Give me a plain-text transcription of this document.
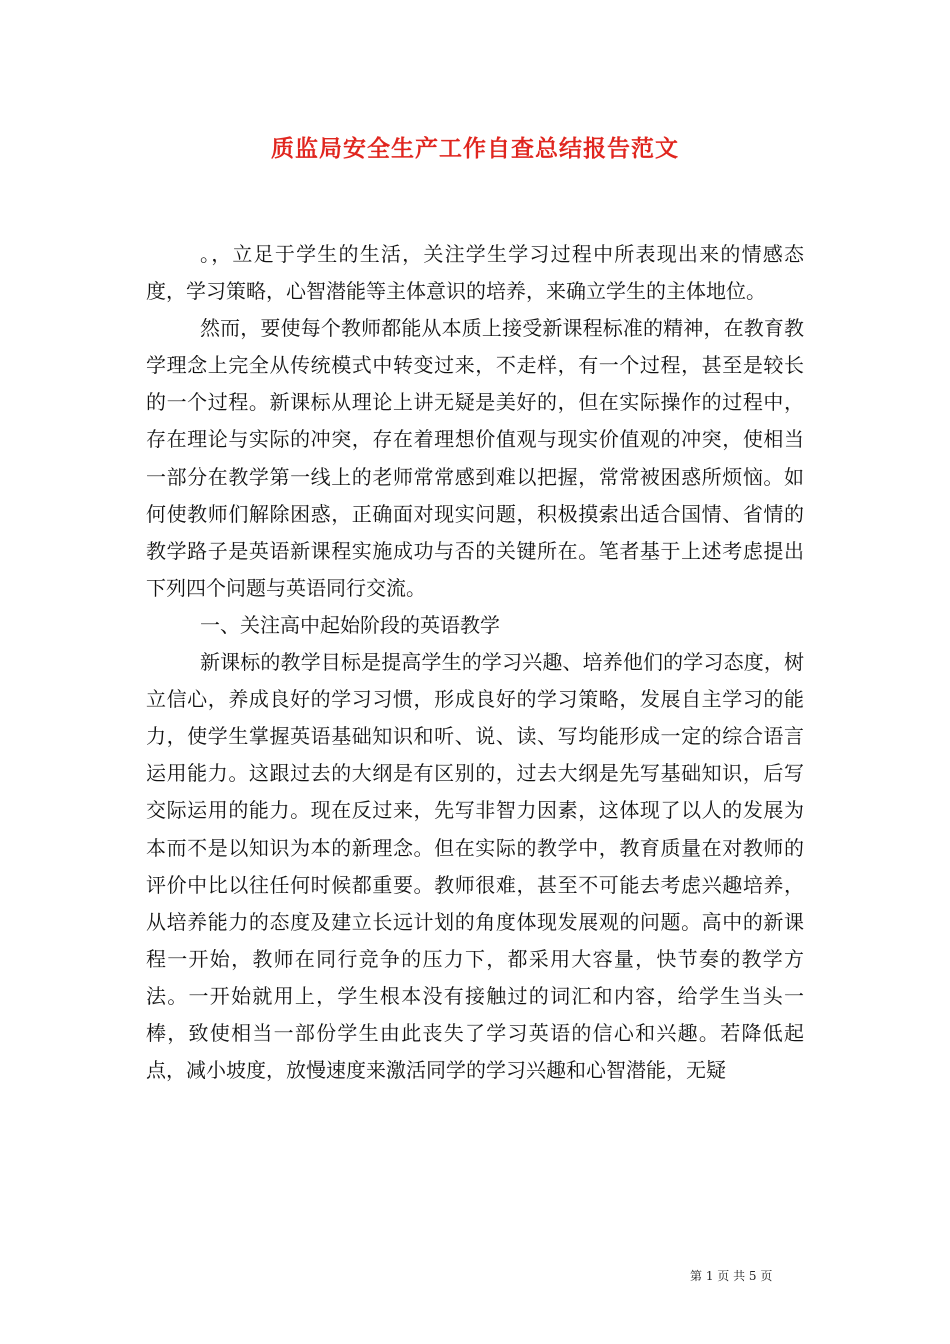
质监局安全生产工作自查总结报告范文

。，立足于学生的生活，关注学生学习过程中所表现出来的情感态度，学习策略，心智潜能等主体意识的培养，来确立学生的主体地位。

然而，要使每个教师都能从本质上接受新课程标准的精神，在教育教学理念上完全从传统模式中转变过来，不走样，有一个过程，甚至是较长的一个过程。新课标从理论上讲无疑是美好的，但在实际操作的过程中，存在理论与实际的冲突，存在着理想价值观与现实价值观的冲突，使相当一部分在教学第一线上的老师常常感到难以把握，常常被困惑所烦恼。如何使教师们解除困惑，正确面对现实问题，积极摸索出适合国情、省情的教学路子是英语新课程实施成功与否的关键所在。笔者基于上述考虑提出下列四个问题与英语同行交流。

一、关注高中起始阶段的英语教学

新课标的教学目标是提高学生的学习兴趣、培养他们的学习态度，树立信心，养成良好的学习习惯，形成良好的学习策略，发展自主学习的能力，使学生掌握英语基础知识和听、说、读、写均能形成一定的综合语言运用能力。这跟过去的大纲是有区别的，过去大纲是先写基础知识，后写交际运用的能力。现在反过来，先写非智力因素，这体现了以人的发展为本而不是以知识为本的新理念。但在实际的教学中，教育质量在对教师的评价中比以往任何时候都重要。教师很难，甚至不可能去考虑兴趣培养，从培养能力的态度及建立长远计划的角度体现发展观的问题。高中的新课程一开始，教师在同行竞争的压力下，都采用大容量，快节奏的教学方法。一开始就用上，学生根本没有接触过的词汇和内容，给学生当头一棒，致使相当一部份学生由此丧失了学习英语的信心和兴趣。若降低起点，减小坡度，放慢速度来激活同学的学习兴趣和心智潜能，无疑

第 1 页 共 5 页
